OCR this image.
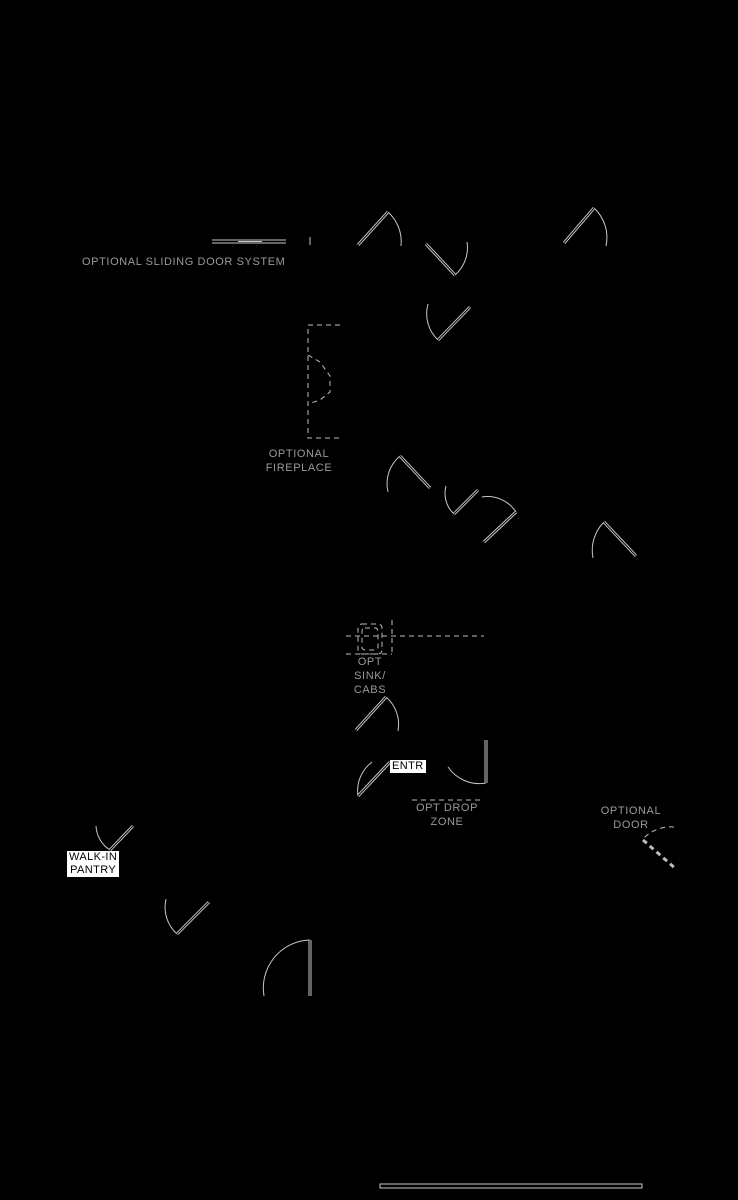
OPTIONAL SLIDING DOOR SYSTEM
OPTIONAL
FIREPLACE
OPT
SINK/
CABS
ENTR
OPT DROP
ZONE
OPTIONAL
DOOR
WALK-IN
PANTRY
